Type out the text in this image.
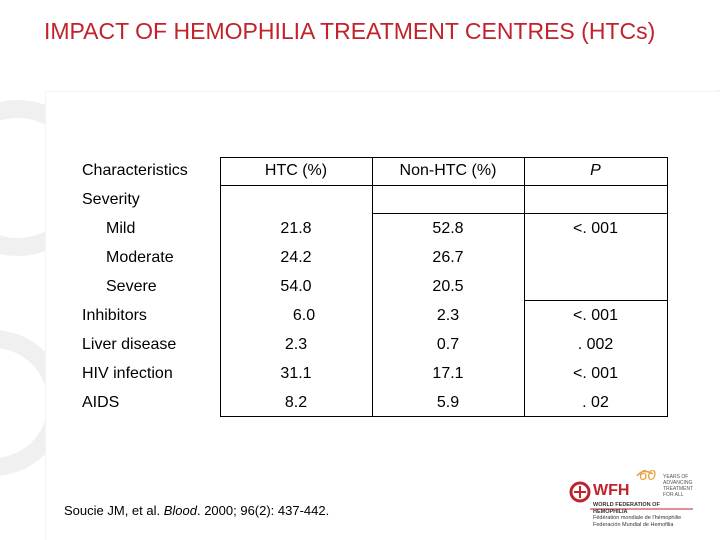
IMPACT OF HEMOPHILIA TREATMENT CENTRES (HTCs)
Characteristics	HTC (%)	Non-HTC (%)	P
Severity
Mild	21.8	52.8	<. 001
Moderate	24.2	26.7
Severe	54.0	20.5
Inhibitors	6.0	2.3	<. 001
Liver disease	2.3	0.7	. 002
HIV infection	31.1	17.1	<. 001
AIDS	8.2	5.9	. 02
Soucie JM, et al. Blood. 2000; 96(2): 437-442.
WFH
60 YEARS OF ADVANCING
TREATMENT FOR ALL
WORLD FEDERATION OF HEMOPHILIA
Fédération mondiale de l'hémophilie
Federación Mundial de Hemofilia
